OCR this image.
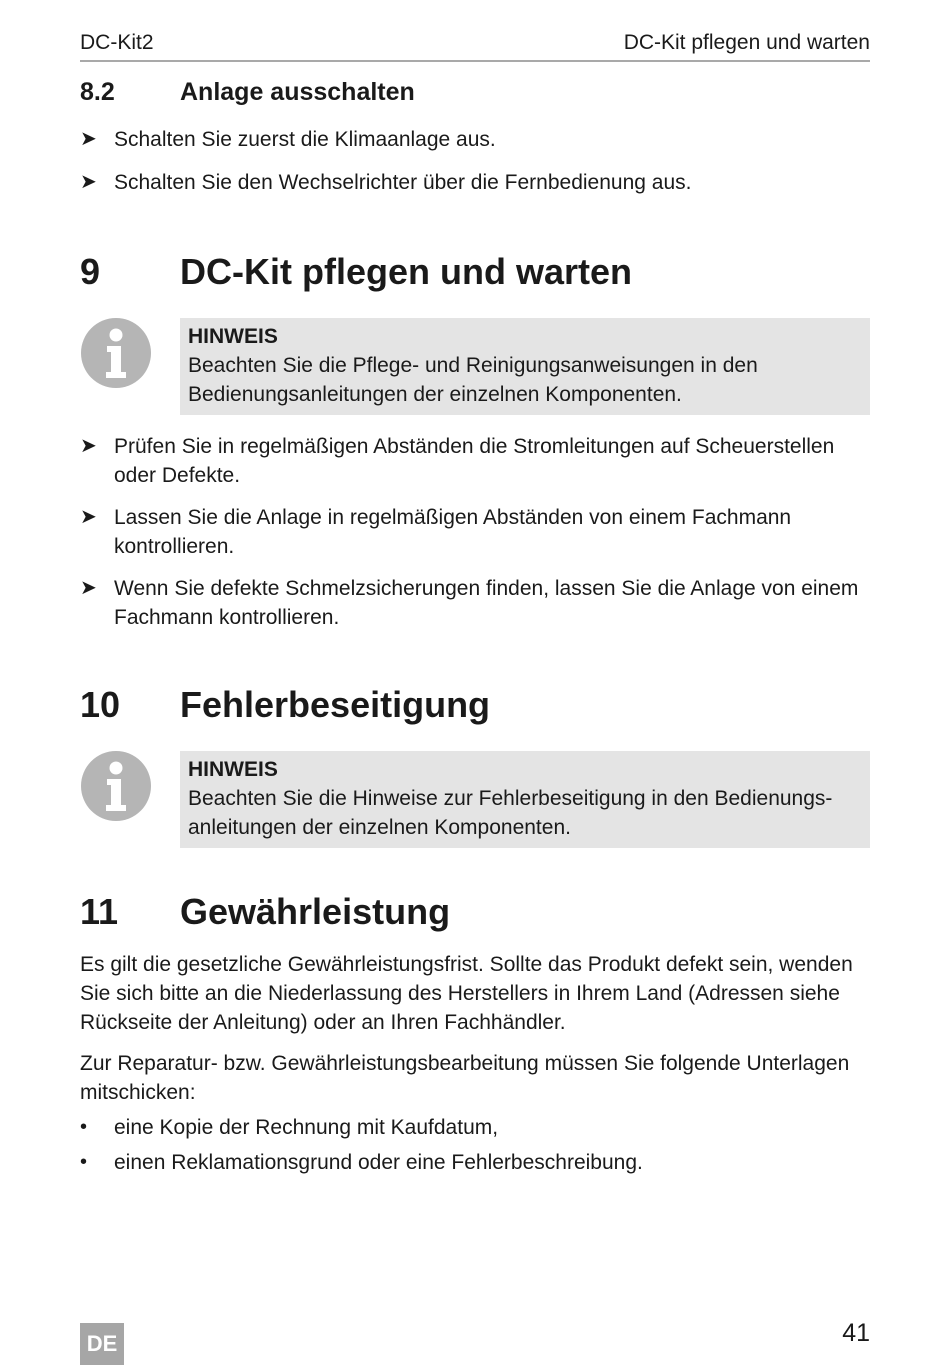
DC-Kit2	DC-Kit pflegen und warten
8.2	Anlage ausschalten
➤ Schalten Sie zuerst die Klimaanlage aus.
➤ Schalten Sie den Wechselrichter über die Fernbedienung aus.
9 DC-Kit pflegen und warten
HINWEIS
Beachten Sie die Pflege- und Reinigungsanweisungen in den
Bedienungsanleitungen der einzelnen Komponenten.
➤ Prüfen Sie in regelmäßigen Abständen die Stromleitungen auf Scheuerstellen
oder Defekte.
➤ Lassen Sie die Anlage in regelmäßigen Abständen von einem Fachmann
kontrollieren.
➤ Wenn Sie defekte Schmelzsicherungen finden, lassen Sie die Anlage von einem
Fachmann kontrollieren.
10 Fehlerbeseitigung
HINWEIS
Beachten Sie die Hinweise zur Fehlerbeseitigung in den Bedienungs-
anleitungen der einzelnen Komponenten.
11 Gewährleistung
Es gilt die gesetzliche Gewährleistungsfrist. Sollte das Produkt defekt sein, wenden
Sie sich bitte an die Niederlassung des Herstellers in Ihrem Land (Adressen siehe
Rückseite der Anleitung) oder an Ihren Fachhändler.
Zur Reparatur- bzw. Gewährleistungsbearbeitung müssen Sie folgende Unterlagen
mitschicken:
• eine Kopie der Rechnung mit Kaufdatum,
• einen Reklamationsgrund oder eine Fehlerbeschreibung.
DE	41
